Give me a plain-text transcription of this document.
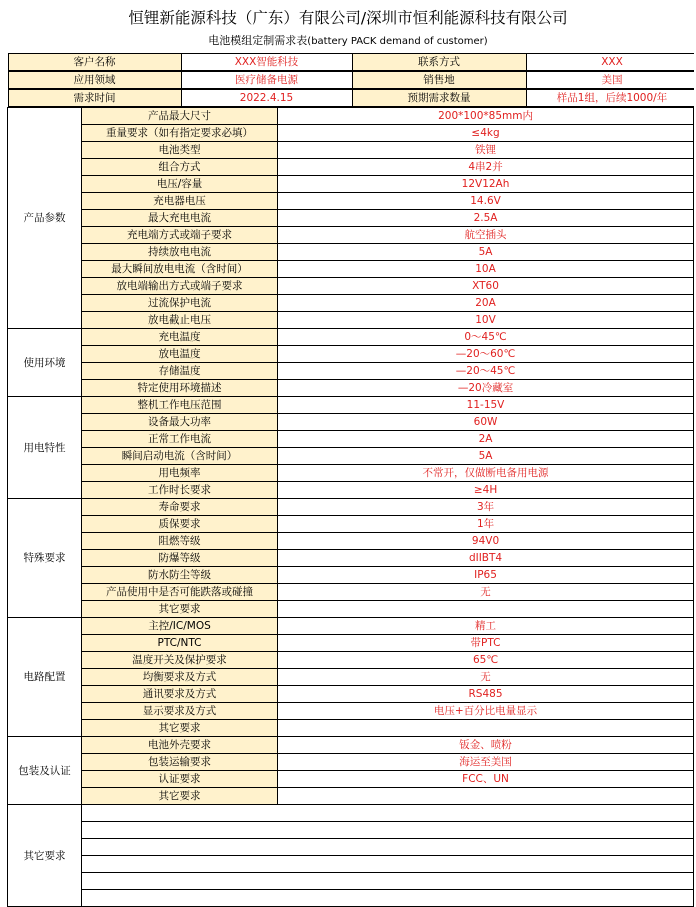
恒锂新能源科技（广东）有限公司/深圳市恒利能源科技有限公司
电池模组定制需求表(battery PACK demand of customer)
客户名称	XXX智能科技	联系方式	XXX

应用领域	医疗储备电源	销售地	美国

需求时间	2022.4.15	预期需求数量	样品1组，后续1000/年

产品参数	产品最大尺寸	200*100*85mm内
重量要求（如有指定要求必填）	≤4kg
电池类型	铁锂
组合方式	4串2并
电压/容量	12V12Ah
充电器电压	14.6V
最大充电电流	2.5A
充电端方式或端子要求	航空插头
持续放电电流	5A
最大瞬间放电电流（含时间）	10A
放电端输出方式或端子要求	XT60
过流保护电流	20A
放电截止电压	10V
使用环境	充电温度	0～45℃
放电温度	—20～60℃
存储温度	—20～45℃
特定使用环境描述	—20冷藏室
用电特性	整机工作电压范围	11-15V
设备最大功率	60W
正常工作电流	2A
瞬间启动电流（含时间）	5A
用电频率	不常开，仅做断电备用电源
工作时长要求	≥4H
特殊要求	寿命要求	3年
质保要求	1年
阻燃等级	94V0
防爆等级	dIIBT4
防水防尘等级	IP65
产品使用中是否可能跌落或碰撞	无
其它要求	
电路配置	主控/IC/MOS	精工
PTC/NTC	带PTC
温度开关及保护要求	65℃
均衡要求及方式	无
通讯要求及方式	RS485
显示要求及方式	电压+百分比电量显示
其它要求	
包装及认证	电池外壳要求	钣金、喷粉
包装运输要求	海运至美国
认证要求	FCC、UN
其它要求	
其它要求	
